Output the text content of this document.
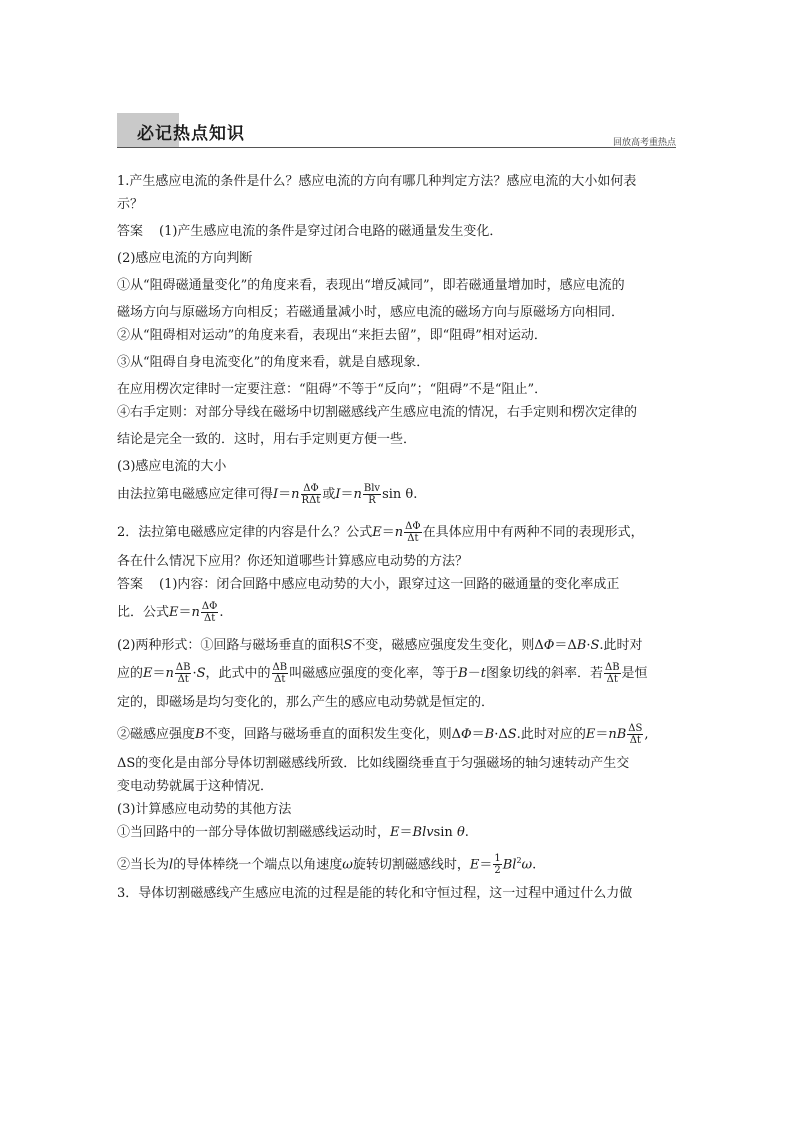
必记热点知识	回放高考重热点

1.产生感应电流的条件是什么？感应电流的方向有哪几种判定方法？感应电流的大小如何表

示？

答案 (1)产生感应电流的条件是穿过闭合电路的磁通量发生变化．

(2)感应电流的方向判断

①从“阻碍磁通量变化”的角度来看，表现出“增反减同”，即若磁通量增加时，感应电流的

磁场方向与原磁场方向相反；若磁通量减小时，感应电流的磁场方向与原磁场方向相同．

②从“阻碍相对运动”的角度来看，表现出“来拒去留”，即“阻碍”相对运动．

③从“阻碍自身电流变化”的角度来看，就是自感现象．

在应用楞次定律时一定要注意：“阻碍”不等于“反向”；“阻碍”不是“阻止”．

④右手定则：对部分导线在磁场中切割磁感线产生感应电流的情况，右手定则和楞次定律的

结论是完全一致的．这时，用右手定则更方便一些．

(3)感应电流的大小

由法拉第电磁感应定律可得$I=n \frac{\Delta\Phi}{\text{RΔt}}$ 或$I=n \frac{\text{Blv}}{R}$ sin θ.

2．法拉第电磁感应定律的内容是什么？公式$E=n \frac{\Delta\Phi}{\Delta t}$ 在具体应用中有两种不同的表现形式，

各在什么情况下应用？你还知道哪些计算感应电动势的方法？

答案 (1)内容：闭合回路中感应电动势的大小，跟穿过这一回路的磁通量的变化率成正

比．公式$E=n \frac{\Delta\Phi}{\Delta t}$ .

(2)两种形式：①回路与磁场垂直的面积S不变，磁感应强度发生变化，则ΔΦ＝ΔB·S.此时对

应的$E=n \frac{\Delta B}{\Delta t} \cdot S$，此式中的 $\frac{\Delta B}{\Delta t}$ 叫磁感应强度的变化率，等于B－t图象切线的斜率．若 $\frac{\Delta B}{\Delta t}$ 是恒

定的，即磁场是均匀变化的，那么产生的感应电动势就是恒定的．

②磁感应强度B不变，回路与磁场垂直的面积发生变化，则ΔΦ＝B·ΔS.此时对应的$E=nB \frac{\Delta S}{\Delta t}$ ,

ΔS的变化是由部分导体切割磁感线所致．比如线圈绕垂直于匀强磁场的轴匀速转动产生交

变电动势就属于这种情况．

(3)计算感应电动势的其他方法

①当回路中的一部分导体做切割磁感线运动时，E＝Blvsin θ.

②当长为l的导体棒绕一个端点以角速度ω旋转切割磁感线时，$E= \frac{1}{2} Bl^2\omega$.

3．导体切割磁感线产生感应电流的过程是能的转化和守恒过程，这一过程中通过什么力做
